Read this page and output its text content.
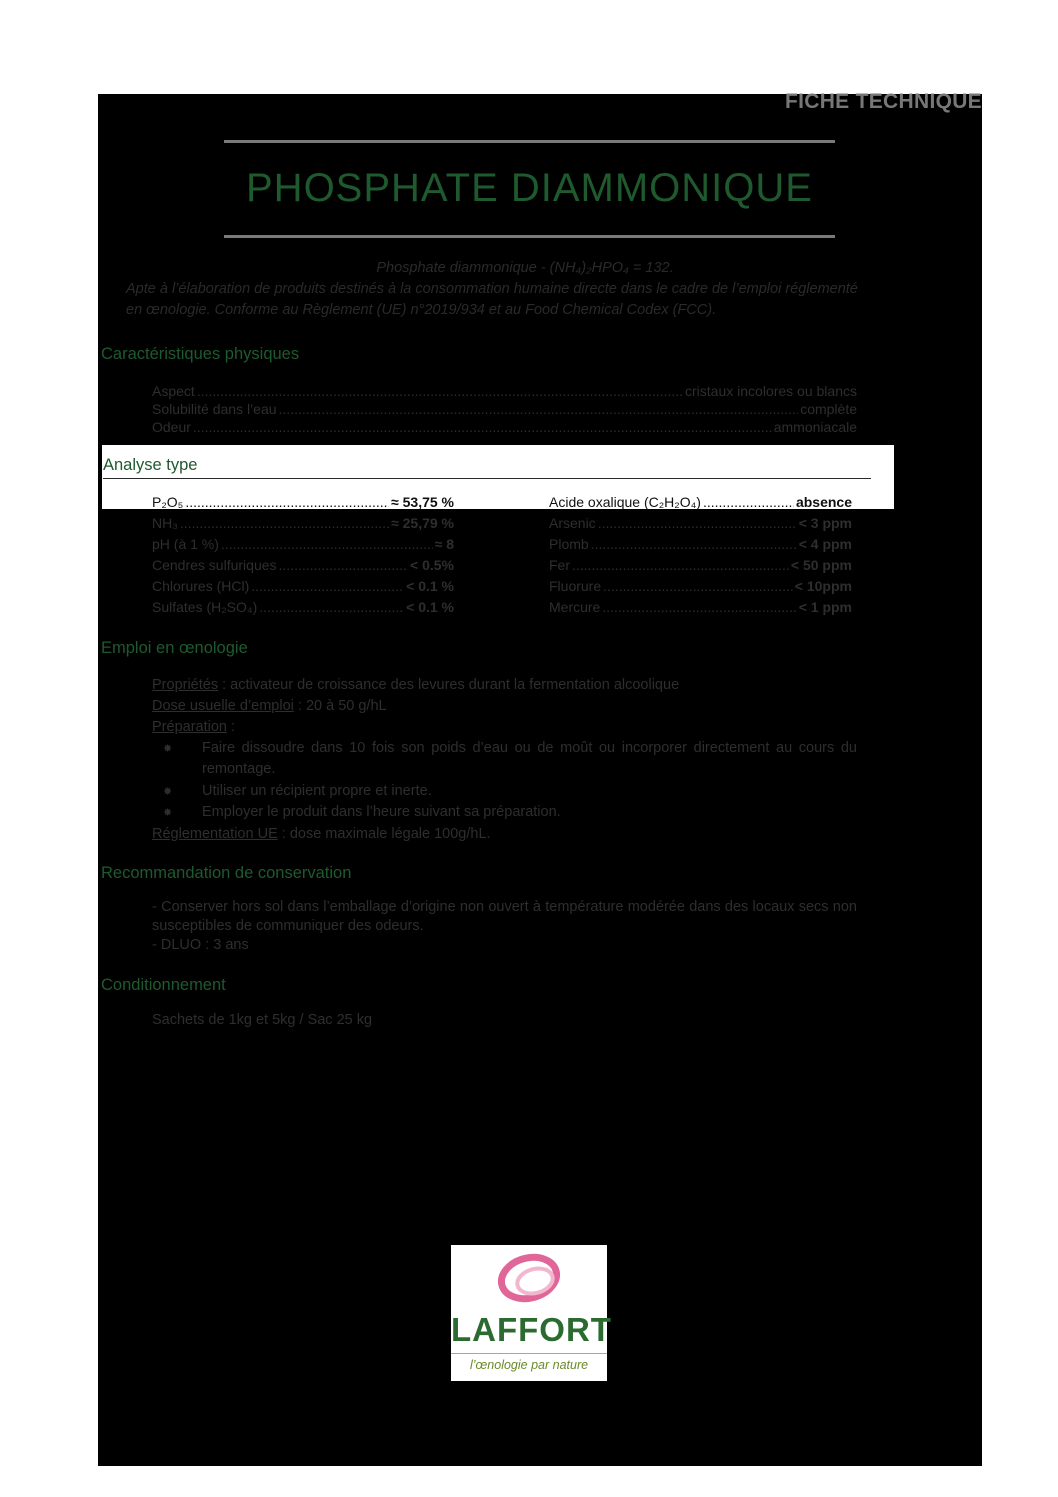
FICHE TECHNIQUE
PHOSPHATE DIAMMONIQUE
Phosphate diammonique - (NH₄)₂HPO₄ = 132.
Apte à l’élaboration de produits destinés à la consommation humaine directe dans le cadre de l’emploi réglementé
en œnologie. Conforme au Règlement (UE) n°2019/934 et au Food Chemical Codex (FCC).
Caractéristiques physiques
Aspect .....	cristaux incolores ou blancs
Solubilité dans l’eau .....	complète
Odeur .....	ammoniacale
Analyse type
P₂O₅ .....	≈ 53,75 %
NH₃ .....	≈ 25,79 %
pH (à 1 %) .....	≈ 8
Cendres sulfuriques .....	< 0.5%
Chlorures (HCl) .....	< 0.1 %
Sulfates (H₂SO₄) .....	< 0.1 %
Acide oxalique (C₂H₂O₄) .....	absence
Arsenic .....	< 3 ppm
Plomb .....	< 4 ppm
Fer .....	< 50 ppm
Fluorure .....	< 10ppm
Mercure .....	< 1 ppm
Emploi en œnologie
Propriétés : activateur de croissance des levures durant la fermentation alcoolique
Dose usuelle d’emploi : 20 à 50 g/hL
Préparation :
✸ Faire dissoudre dans 10 fois son poids d’eau ou de moût ou incorporer directement au cours du remontage.
✸ Utiliser un récipient propre et inerte.
✸ Employer le produit dans l’heure suivant sa préparation.
Réglementation UE : dose maximale légale 100g/hL.
Recommandation de conservation
- Conserver hors sol dans l’emballage d’origine non ouvert à température modérée dans des locaux secs non susceptibles de communiquer des odeurs.
- DLUO : 3 ans
Conditionnement
Sachets de 1kg et 5kg / Sac 25 kg
LAFFORT
l’œnologie par nature
